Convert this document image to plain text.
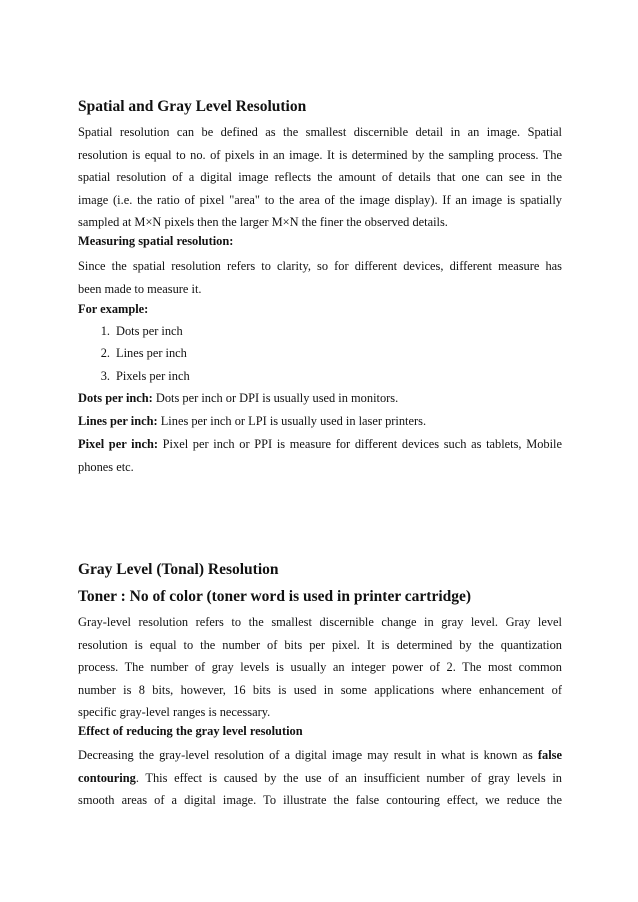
Spatial and Gray Level Resolution
Spatial resolution can be defined as the smallest discernible detail in an image. Spatial
resolution is equal to no. of pixels in an image. It is determined by the sampling process. The
spatial resolution of a digital image reflects the amount of details that one can see in the
image (i.e. the ratio of pixel "area" to the area of the image display). If an image is spatially
sampled at M×N pixels then the larger M×N the finer the observed details.
Measuring spatial resolution:
Since the spatial resolution refers to clarity, so for different devices, different measure has
been made to measure it.
For example:
1. Dots per inch
2. Lines per inch
3. Pixels per inch
Dots per inch: Dots per inch or DPI is usually used in monitors.
Lines per inch: Lines per inch or LPI is usually used in laser printers.
Pixel per inch: Pixel per inch or PPI is measure for different devices such as tablets, Mobile
phones etc.
Gray Level (Tonal) Resolution
Toner : No of color (toner word is used in printer cartridge)
Gray-level resolution refers to the smallest discernible change in gray level. Gray level
resolution is equal to the number of bits per pixel. It is determined by the quantization
process. The number of gray levels is usually an integer power of 2. The most common
number is 8 bits, however, 16 bits is used in some applications where enhancement of
specific gray-level ranges is necessary.
Effect of reducing the gray level resolution
Decreasing the gray-level resolution of a digital image may result in what is known as false
contouring. This effect is caused by the use of an insufficient number of gray levels in
smooth areas of a digital image. To illustrate the false contouring effect, we reduce the
